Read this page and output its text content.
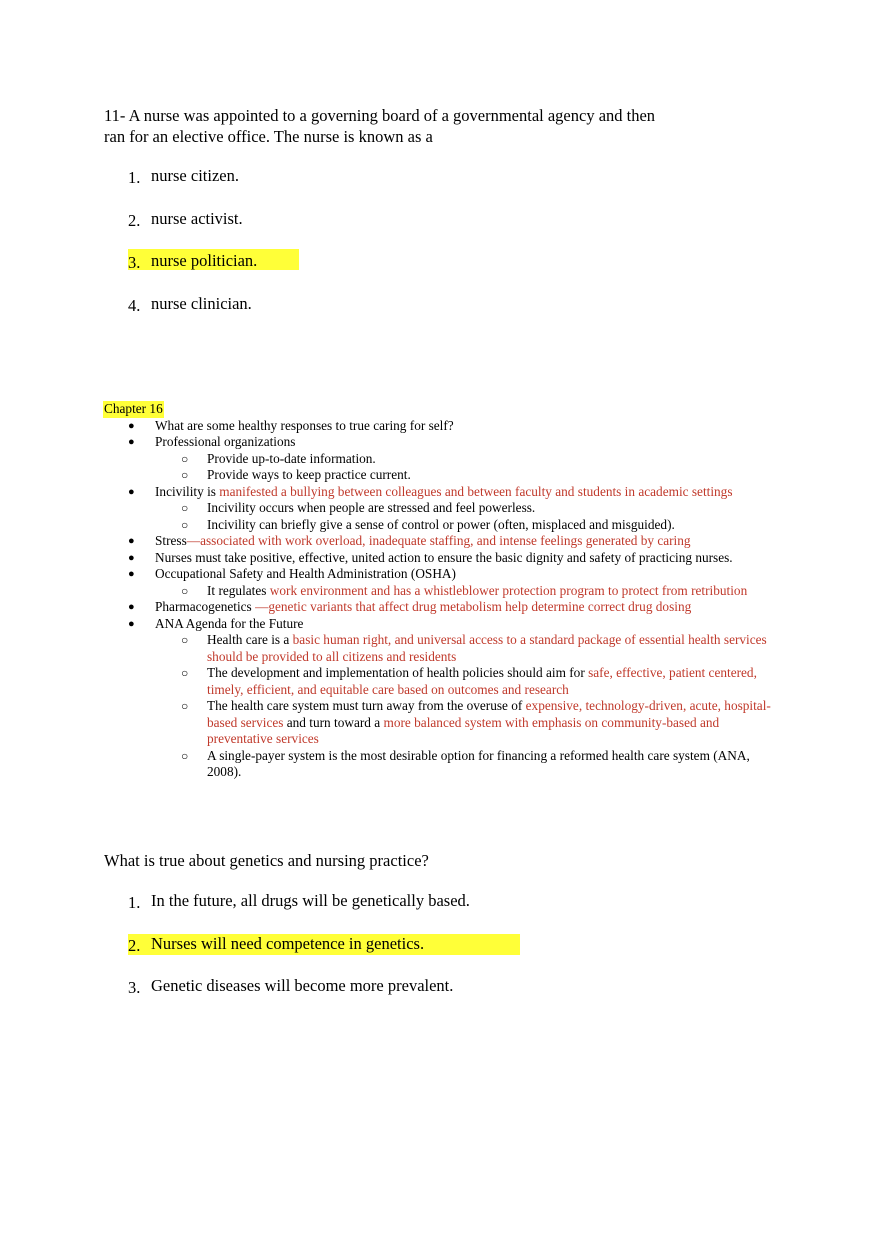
11- A nurse was appointed to a governing board of a governmental agency and then ran for an elective office. The nurse is known as a
1. nurse citizen.
2. nurse activist.
3. nurse politician.
4. nurse clinician.
Chapter 16
● What are some healthy responses to true caring for self?
● Professional organizations
○ Provide up-to-date information.
○ Provide ways to keep practice current.
● Incivility is manifested a bullying between colleagues and between faculty and students in academic settings
○ Incivility occurs when people are stressed and feel powerless.
○ Incivility can briefly give a sense of control or power (often, misplaced and misguided).
● Stress—associated with work overload, inadequate staffing, and intense feelings generated by caring
● Nurses must take positive, effective, united action to ensure the basic dignity and safety of practicing nurses.
● Occupational Safety and Health Administration (OSHA)
○ It regulates work environment and has a whistleblower protection program to protect from retribution
● Pharmacogenetics —genetic variants that affect drug metabolism help determine correct drug dosing
● ANA Agenda for the Future
○ Health care is a basic human right, and universal access to a standard package of essential health services should be provided to all citizens and residents
○ The development and implementation of health policies should aim for safe, effective, patient centered, timely, efficient, and equitable care based on outcomes and research
○ The health care system must turn away from the overuse of expensive, technology-driven, acute, hospital-based services and turn toward a more balanced system with emphasis on community-based and preventative services
○ A single-payer system is the most desirable option for financing a reformed health care system (ANA, 2008).
What is true about genetics and nursing practice?
1. In the future, all drugs will be genetically based.
2. Nurses will need competence in genetics.
3. Genetic diseases will become more prevalent.
